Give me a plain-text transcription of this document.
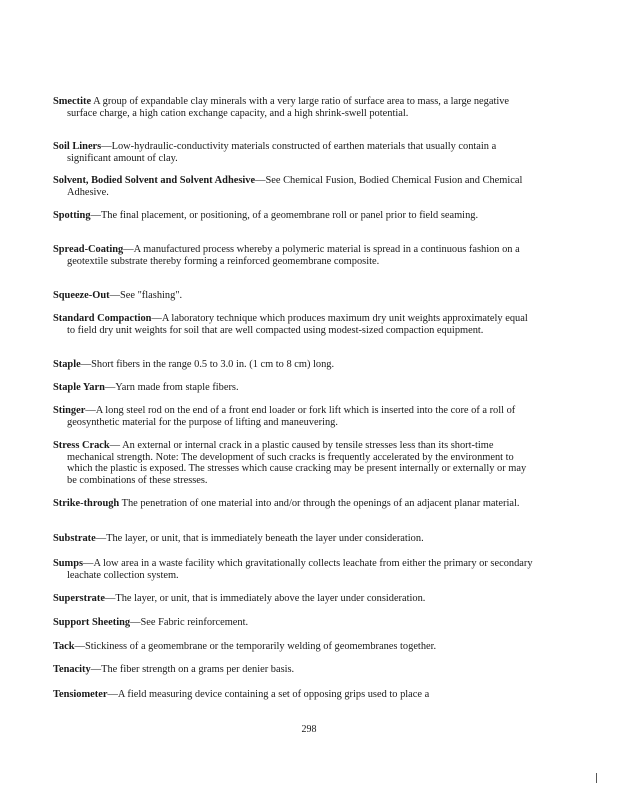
Smectite A group of expandable clay minerals with a very large ratio of surface area to mass, a large negative surface charge, a high cation exchange capacity, and a high shrink-swell potential.
Soil Liners—Low-hydraulic-conductivity materials constructed of earthen materials that usually contain a significant amount of clay.
Solvent, Bodied Solvent and Solvent Adhesive—See Chemical Fusion, Bodied Chemical Fusion and Chemical Adhesive.
Spotting—The final placement, or positioning, of a geomembrane roll or panel prior to field seaming.
Spread-Coating—A manufactured process whereby a polymeric material is spread in a continuous fashion on a geotextile substrate thereby forming a reinforced geomembrane composite.
Squeeze-Out—See "flashing".
Standard Compaction—A laboratory technique which produces maximum dry unit weights approximately equal to field dry unit weights for soil that are well compacted using modest-sized compaction equipment.
Staple—Short fibers in the range 0.5 to 3.0 in. (1 cm to 8 cm) long.
Staple Yarn—Yarn made from staple fibers.
Stinger—A long steel rod on the end of a front end loader or fork lift which is inserted into the core of a roll of geosynthetic material for the purpose of lifting and maneuvering.
Stress Crack— An external or internal crack in a plastic caused by tensile stresses less than its short-time mechanical strength. Note: The development of such cracks is frequently accelerated by the environment to which the plastic is exposed. The stresses which cause cracking may be present internally or externally or may be combinations of these stresses.
Strike-through The penetration of one material into and/or through the openings of an adjacent planar material.
Substrate—The layer, or unit, that is immediately beneath the layer under consideration.
Sumps—A low area in a waste facility which gravitationally collects leachate from either the primary or secondary leachate collection system.
Superstrate—The layer, or unit, that is immediately above the layer under consideration.
Support Sheeting—See Fabric reinforcement.
Tack—Stickiness of a geomembrane or the temporarily welding of geomembranes together.
Tenacity—The fiber strength on a grams per denier basis.
Tensiometer—A field measuring device containing a set of opposing grips used to place a
298
